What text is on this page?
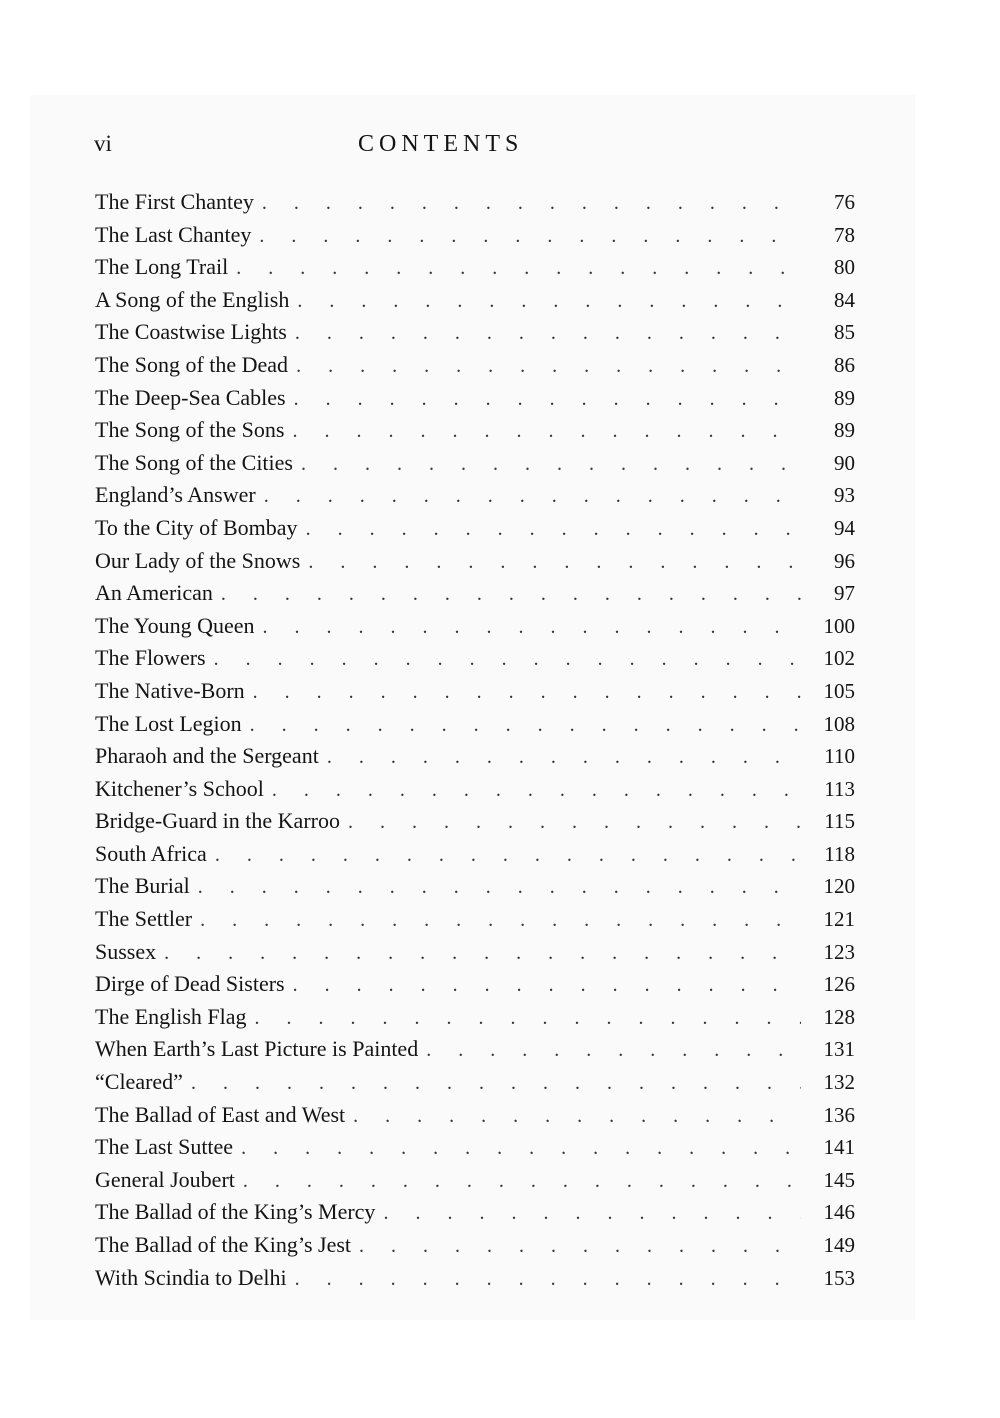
vi	CONTENTS
The First Chantey . . .	76
The Last Chantey . . .	78
The Long Trail . . .	80
A Song of the English . . .	84
The Coastwise Lights . . .	85
The Song of the Dead . . .	86
The Deep-Sea Cables . . .	89
The Song of the Sons . . .	89
The Song of the Cities . . .	90
England’s Answer . . .	93
To the City of Bombay . . .	94
Our Lady of the Snows . . .	96
An American . . .	97
The Young Queen . . .	100
The Flowers . . .	102
The Native-Born . . .	105
The Lost Legion . . .	108
Pharaoh and the Sergeant . . .	110
Kitchener’s School . . .	113
Bridge-Guard in the Karroo . . .	115
South Africa . . .	118
The Burial . . .	120
The Settler . . .	121
Sussex . . .	123
Dirge of Dead Sisters . . .	126
The English Flag . . .	128
When Earth’s Last Picture is Painted . . .	131
“Cleared” . . .	132
The Ballad of East and West . . .	136
The Last Suttee . . .	141
General Joubert . . .	145
The Ballad of the King’s Mercy . . .	146
The Ballad of the King’s Jest . . .	149
With Scindia to Delhi . . .	153
